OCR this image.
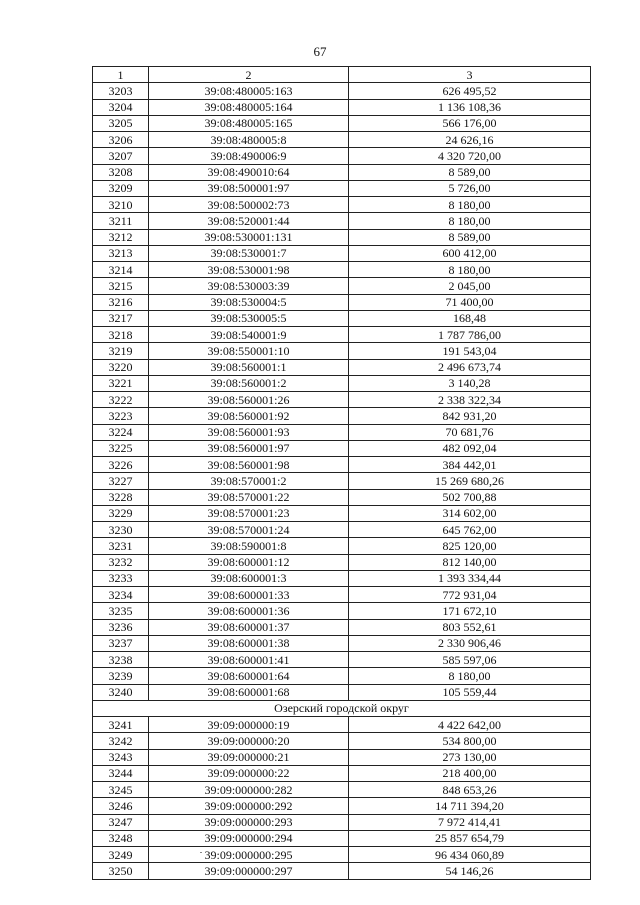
67
1	2	3
3203	39:08:480005:163	626 495,52
3204	39:08:480005:164	1 136 108,36
3205	39:08:480005:165	566 176,00
3206	39:08:480005:8	24 626,16
3207	39:08:490006:9	4 320 720,00
3208	39:08:490010:64	8 589,00
3209	39:08:500001:97	5 726,00
3210	39:08:500002:73	8 180,00
3211	39:08:520001:44	8 180,00
3212	39:08:530001:131	8 589,00
3213	39:08:530001:7	600 412,00
3214	39:08:530001:98	8 180,00
3215	39:08:530003:39	2 045,00
3216	39:08:530004:5	71 400,00
3217	39:08:530005:5	168,48
3218	39:08:540001:9	1 787 786,00
3219	39:08:550001:10	191 543,04
3220	39:08:560001:1	2 496 673,74
3221	39:08:560001:2	3 140,28
3222	39:08:560001:26	2 338 322,34
3223	39:08:560001:92	842 931,20
3224	39:08:560001:93	70 681,76
3225	39:08:560001:97	482 092,04
3226	39:08:560001:98	384 442,01
3227	39:08:570001:2	15 269 680,26
3228	39:08:570001:22	502 700,88
3229	39:08:570001:23	314 602,00
3230	39:08:570001:24	645 762,00
3231	39:08:590001:8	825 120,00
3232	39:08:600001:12	812 140,00
3233	39:08:600001:3	1 393 334,44
3234	39:08:600001:33	772 931,04
3235	39:08:600001:36	171 672,10
3236	39:08:600001:37	803 552,61
3237	39:08:600001:38	2 330 906,46
3238	39:08:600001:41	585 597,06
3239	39:08:600001:64	8 180,00
3240	39:08:600001:68	105 559,44
Озерский городской округ		
3241	39:09:000000:19	4 422 642,00
3242	39:09:000000:20	534 800,00
3243	39:09:000000:21	273 130,00
3244	39:09:000000:22	218 400,00
3245	39:09:000000:282	848 653,26
3246	39:09:000000:292	14 711 394,20
3247	39:09:000000:293	7 972 414,41
3248	39:09:000000:294	25 857 654,79
3249	39:09:000000:295	96 434 060,89
3250	39:09:000000:297	54 146,26
